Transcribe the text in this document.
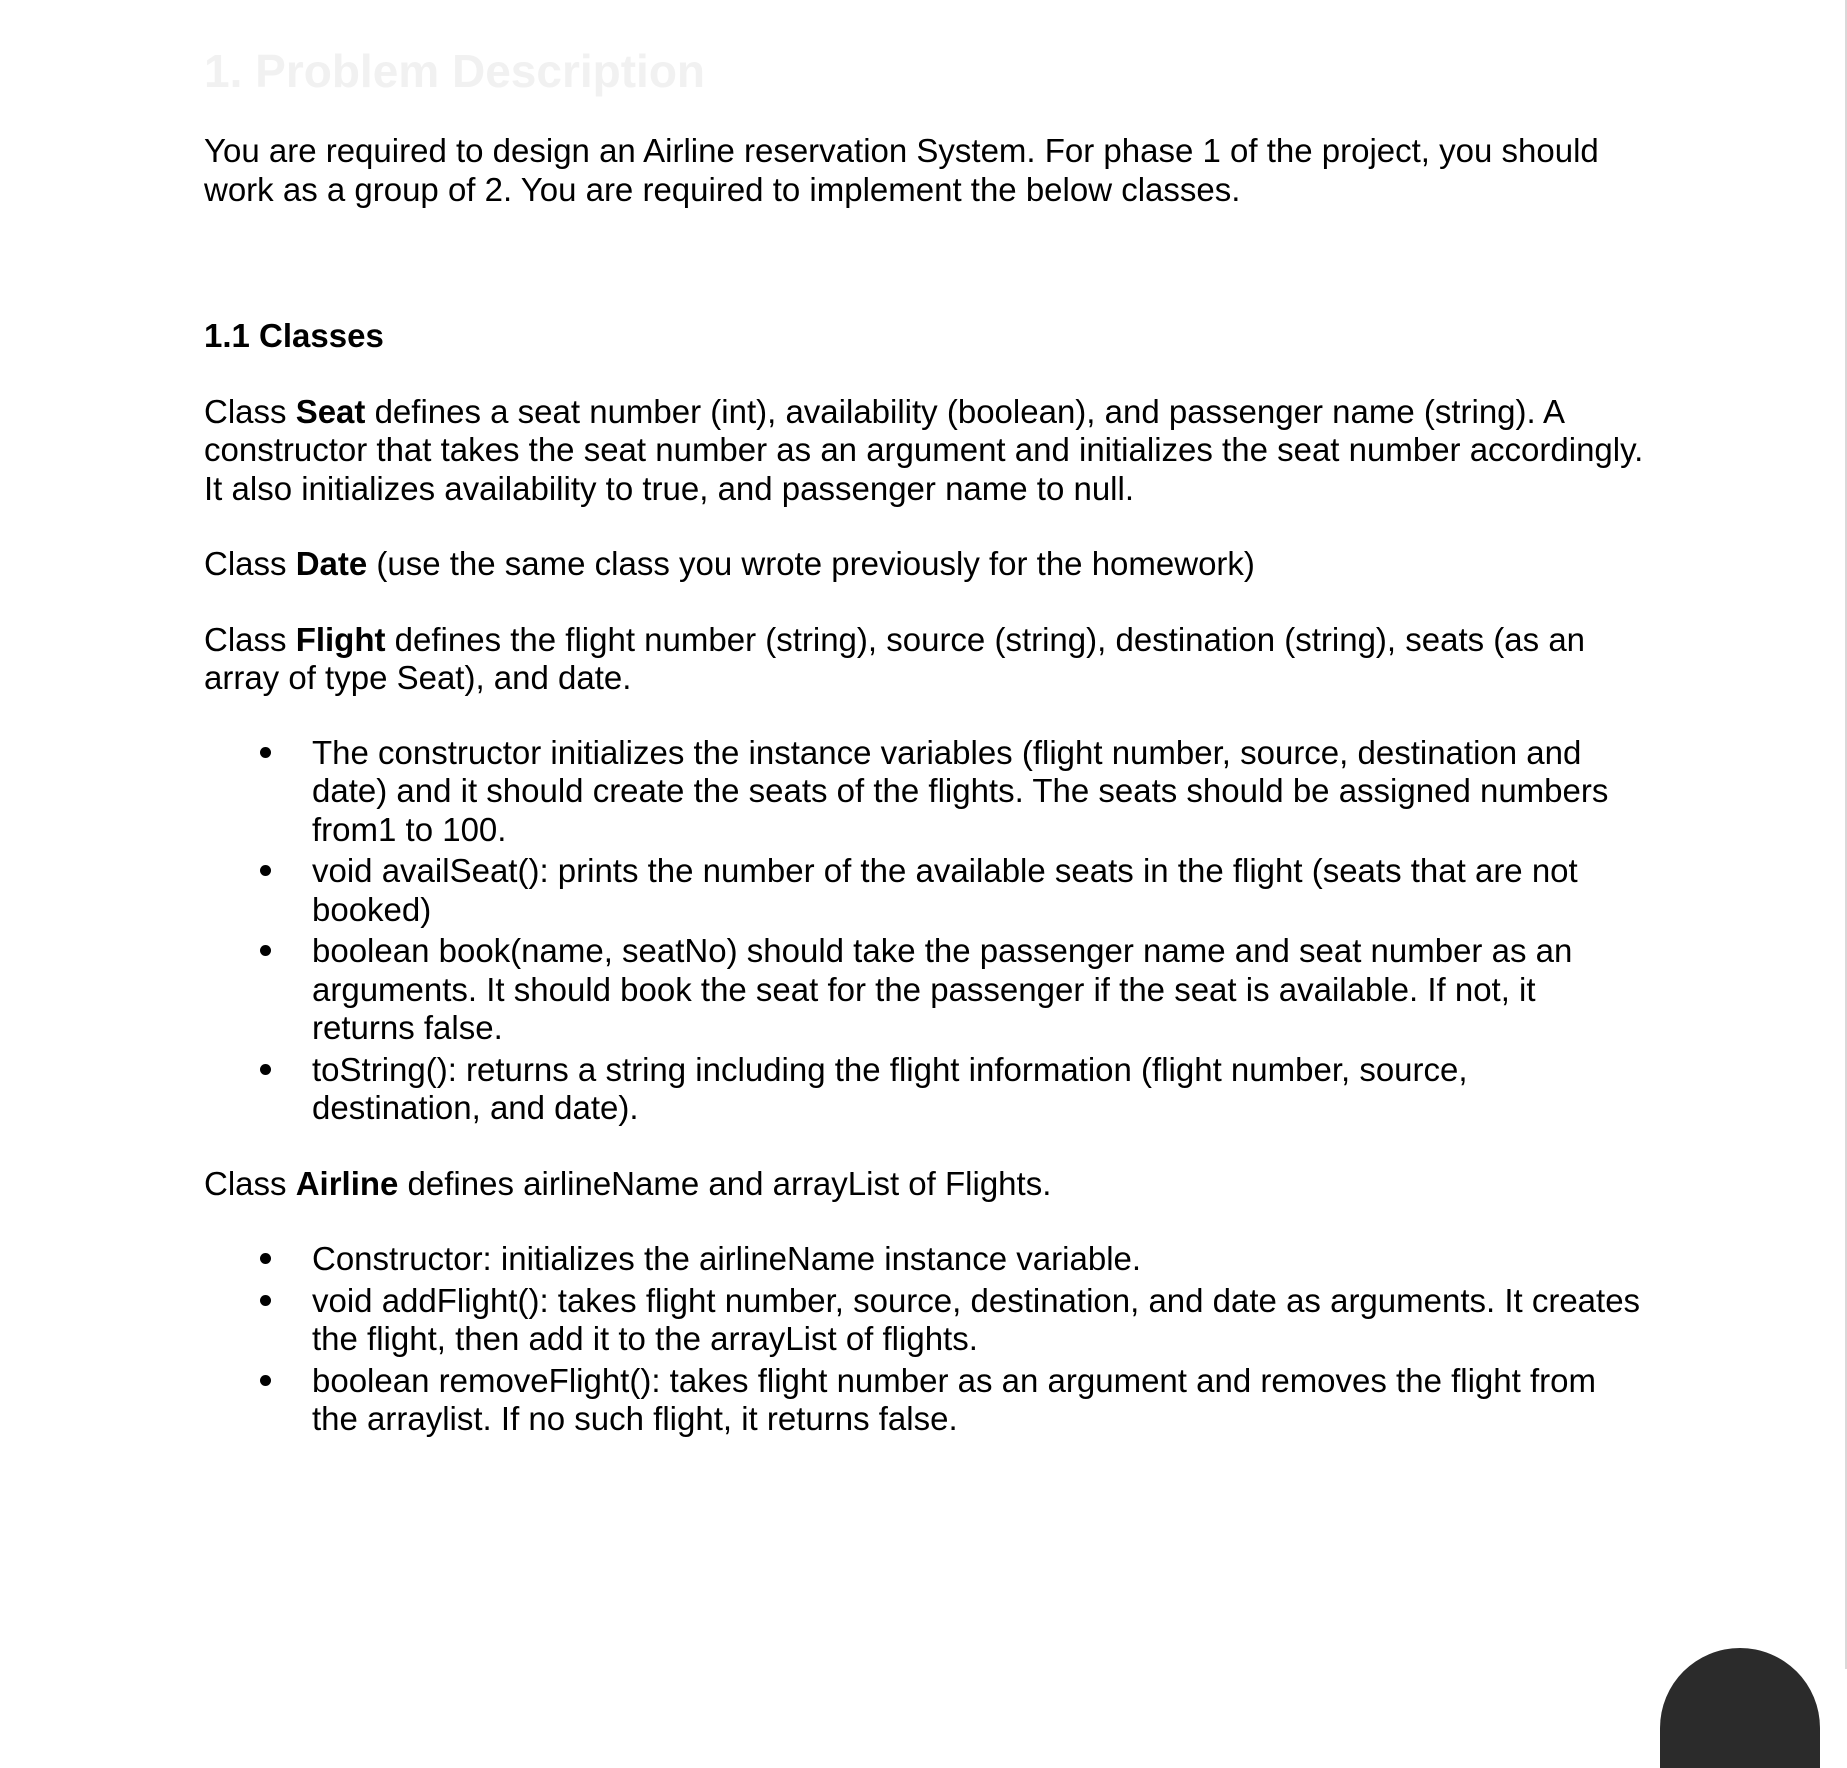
1. Problem Description

You are required to design an Airline reservation System. For phase 1 of the project, you should work as a group of 2. You are required to implement the below classes.

1.1 Classes

Class Seat defines a seat number (int), availability (boolean), and passenger name (string). A constructor that takes the seat number as an argument and initializes the seat number accordingly. It also initializes availability to true, and passenger name to null.

Class Date (use the same class you wrote previously for the homework)

Class Flight defines the flight number (string), source (string), destination (string), seats (as an array of type Seat), and date.

The constructor initializes the instance variables (flight number, source, destination and date) and it should create the seats of the flights. The seats should be assigned numbers from1 to 100.
void availSeat(): prints the number of the available seats in the flight (seats that are not booked)
boolean book(name, seatNo) should take the passenger name and seat number as an arguments. It should book the seat for the passenger if the seat is available. If not, it returns false.
toString(): returns a string including the flight information (flight number, source, destination, and date).

Class Airline defines airlineName and arrayList of Flights.

Constructor: initializes the airlineName instance variable.
void addFlight(): takes flight number, source, destination, and date as arguments. It creates the flight, then add it to the arrayList of flights.
boolean removeFlight(): takes flight number as an argument and removes the flight from the arraylist. If no such flight, it returns false.
